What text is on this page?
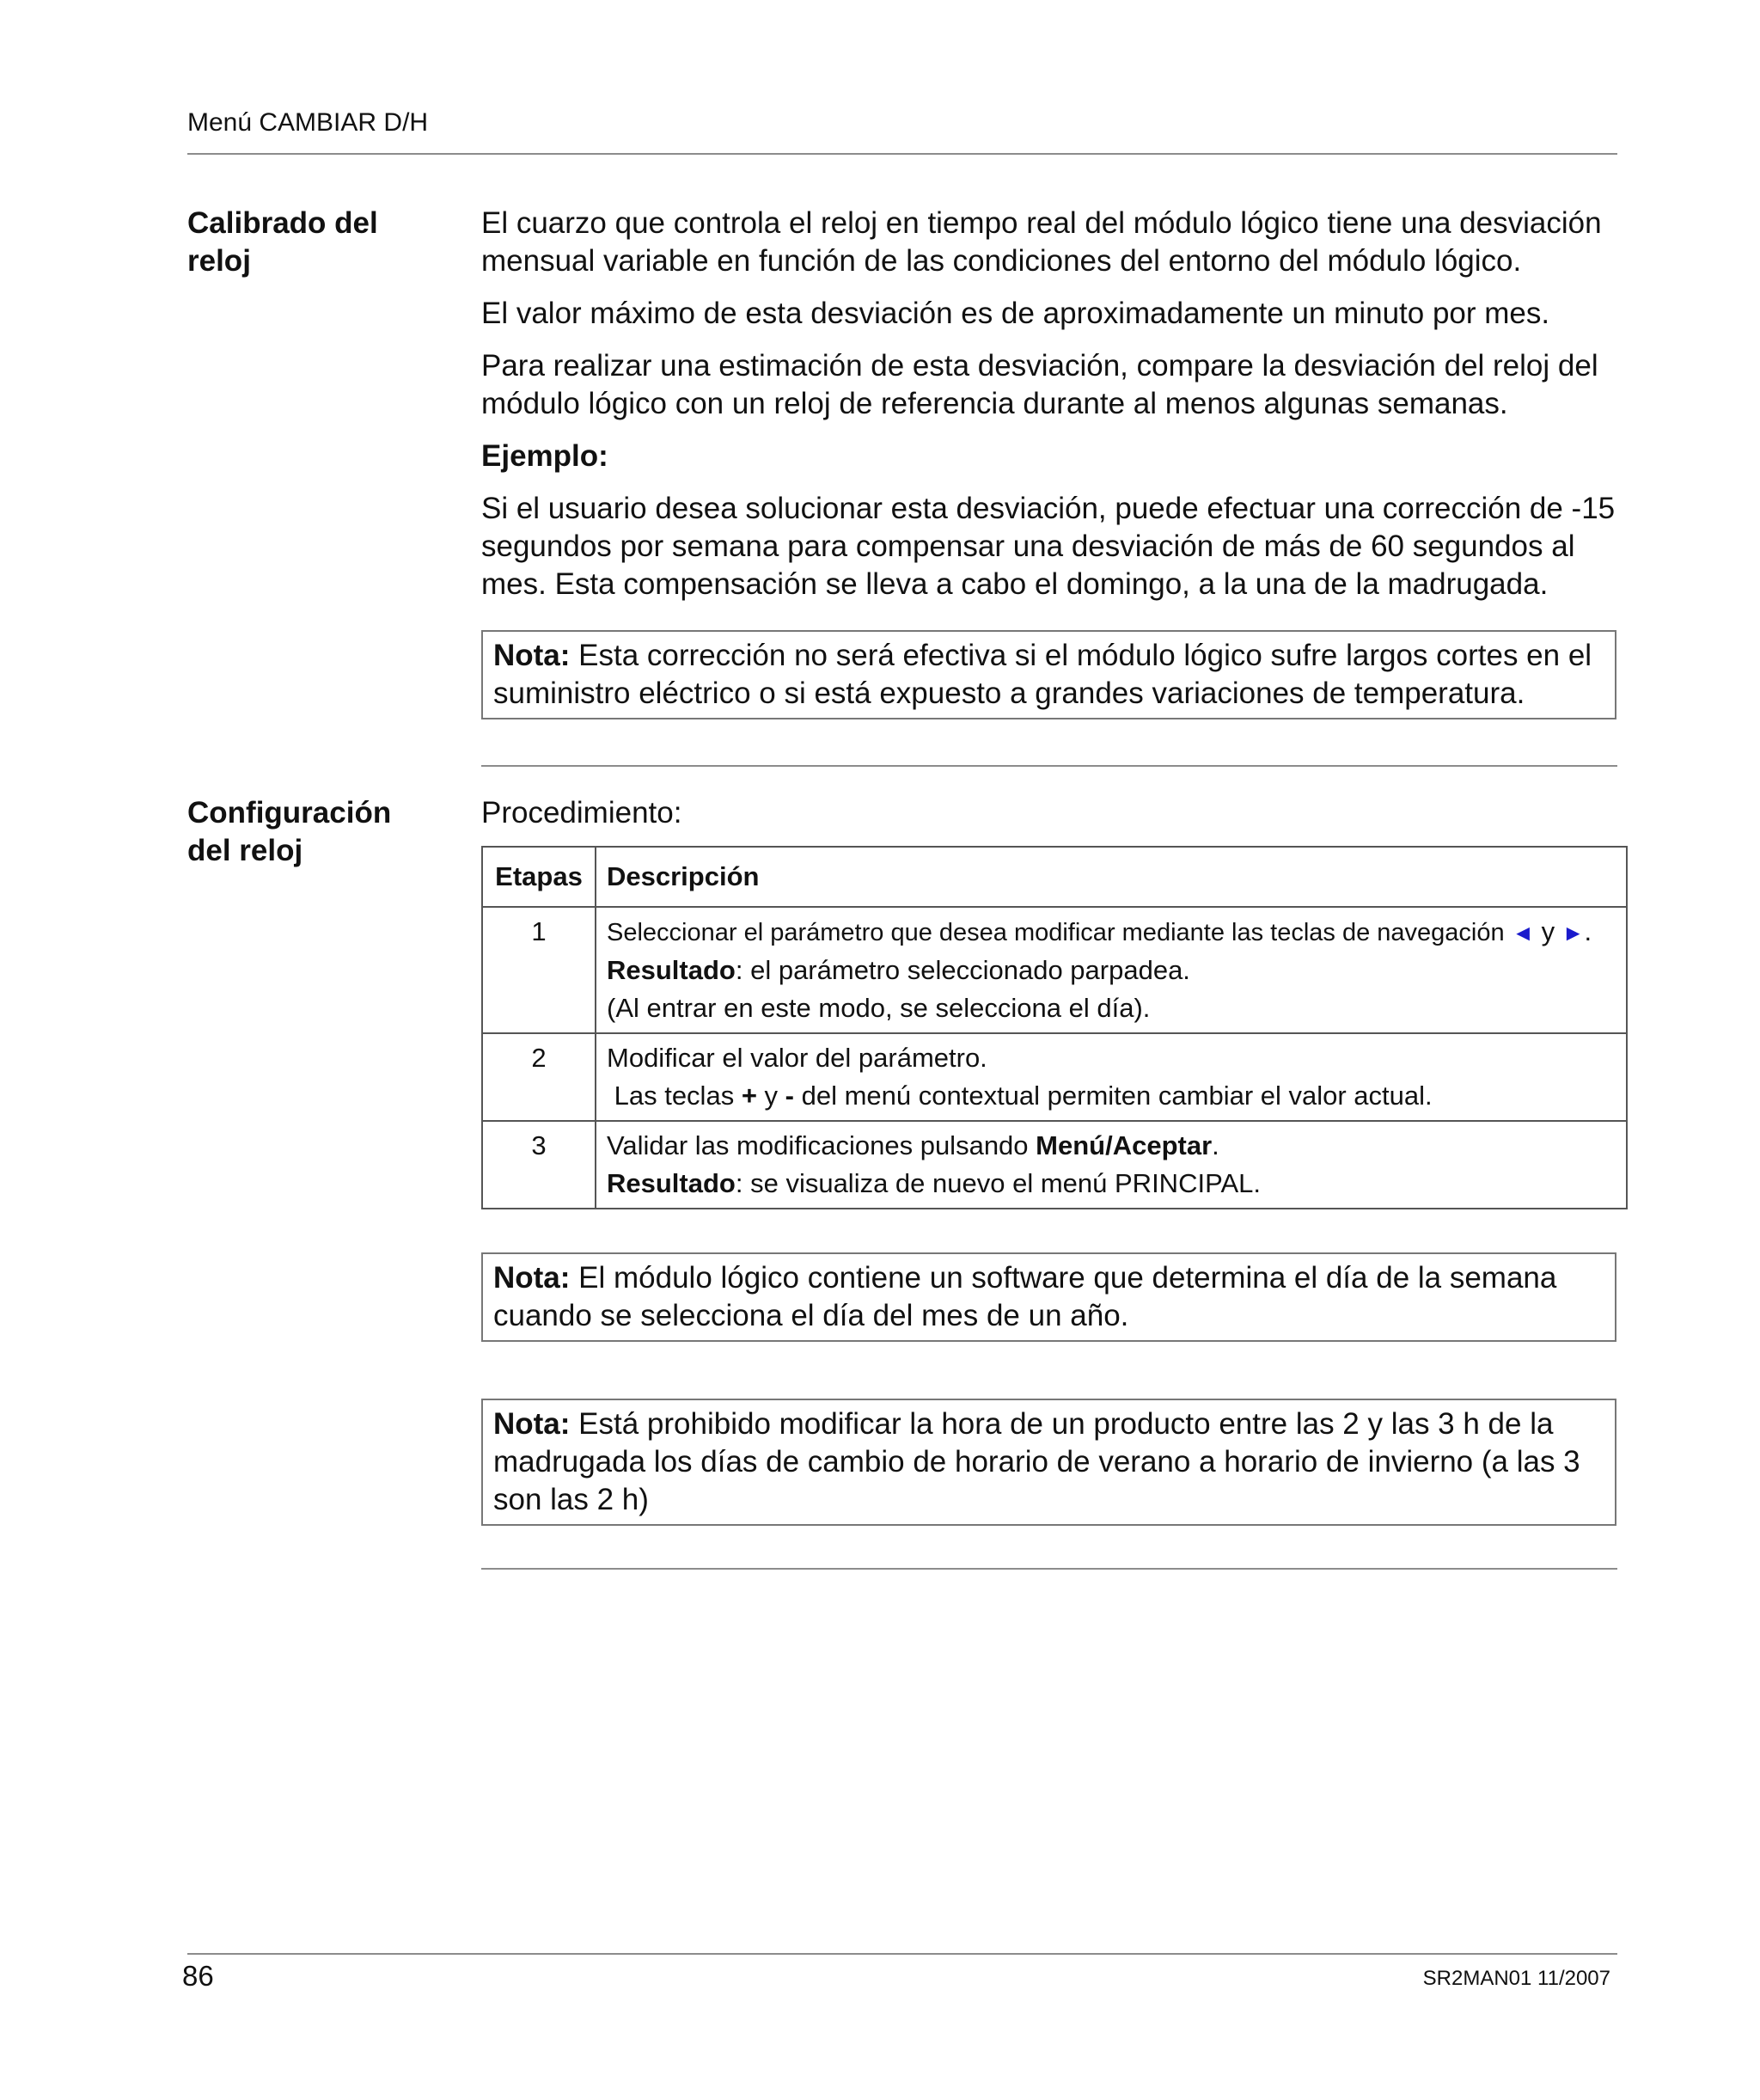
Menú CAMBIAR D/H
Calibrado del
reloj

El cuarzo que controla el reloj en tiempo real del módulo lógico tiene una desviación mensual variable en función de las condiciones del entorno del módulo lógico.

El valor máximo de esta desviación es de aproximadamente un minuto por mes.

Para realizar una estimación de esta desviación, compare la desviación del reloj del módulo lógico con un reloj de referencia durante al menos algunas semanas.

Ejemplo:

Si el usuario desea solucionar esta desviación, puede efectuar una corrección de -15 segundos por semana para compensar una desviación de más de 60 segundos al mes. Esta compensación se lleva a cabo el domingo, a la una de la madrugada.

Nota: Esta corrección no será efectiva si el módulo lógico sufre largos cortes en el suministro eléctrico o si está expuesto a grandes variaciones de temperatura.
Configuración
del reloj

Procedimiento:

Etapas	Descripción
1	Seleccionar el parámetro que desea modificar mediante las teclas de navegación ◄ y ►.
Resultado: el parámetro seleccionado parpadea.
(Al entrar en este modo, se selecciona el día).

2	Modificar el valor del parámetro.
Las teclas + y - del menú contextual permiten cambiar el valor actual.

3	Validar las modificaciones pulsando Menú/Aceptar.
Resultado: se visualiza de nuevo el menú PRINCIPAL.
Nota: El módulo lógico contiene un software que determina el día de la semana cuando se selecciona el día del mes de un año.
Nota: Está prohibido modificar la hora de un producto entre las 2 y las 3 h de la madrugada los días de cambio de horario de verano a horario de invierno (a las 3 son las 2 h)
86	SR2MAN01 11/2007
